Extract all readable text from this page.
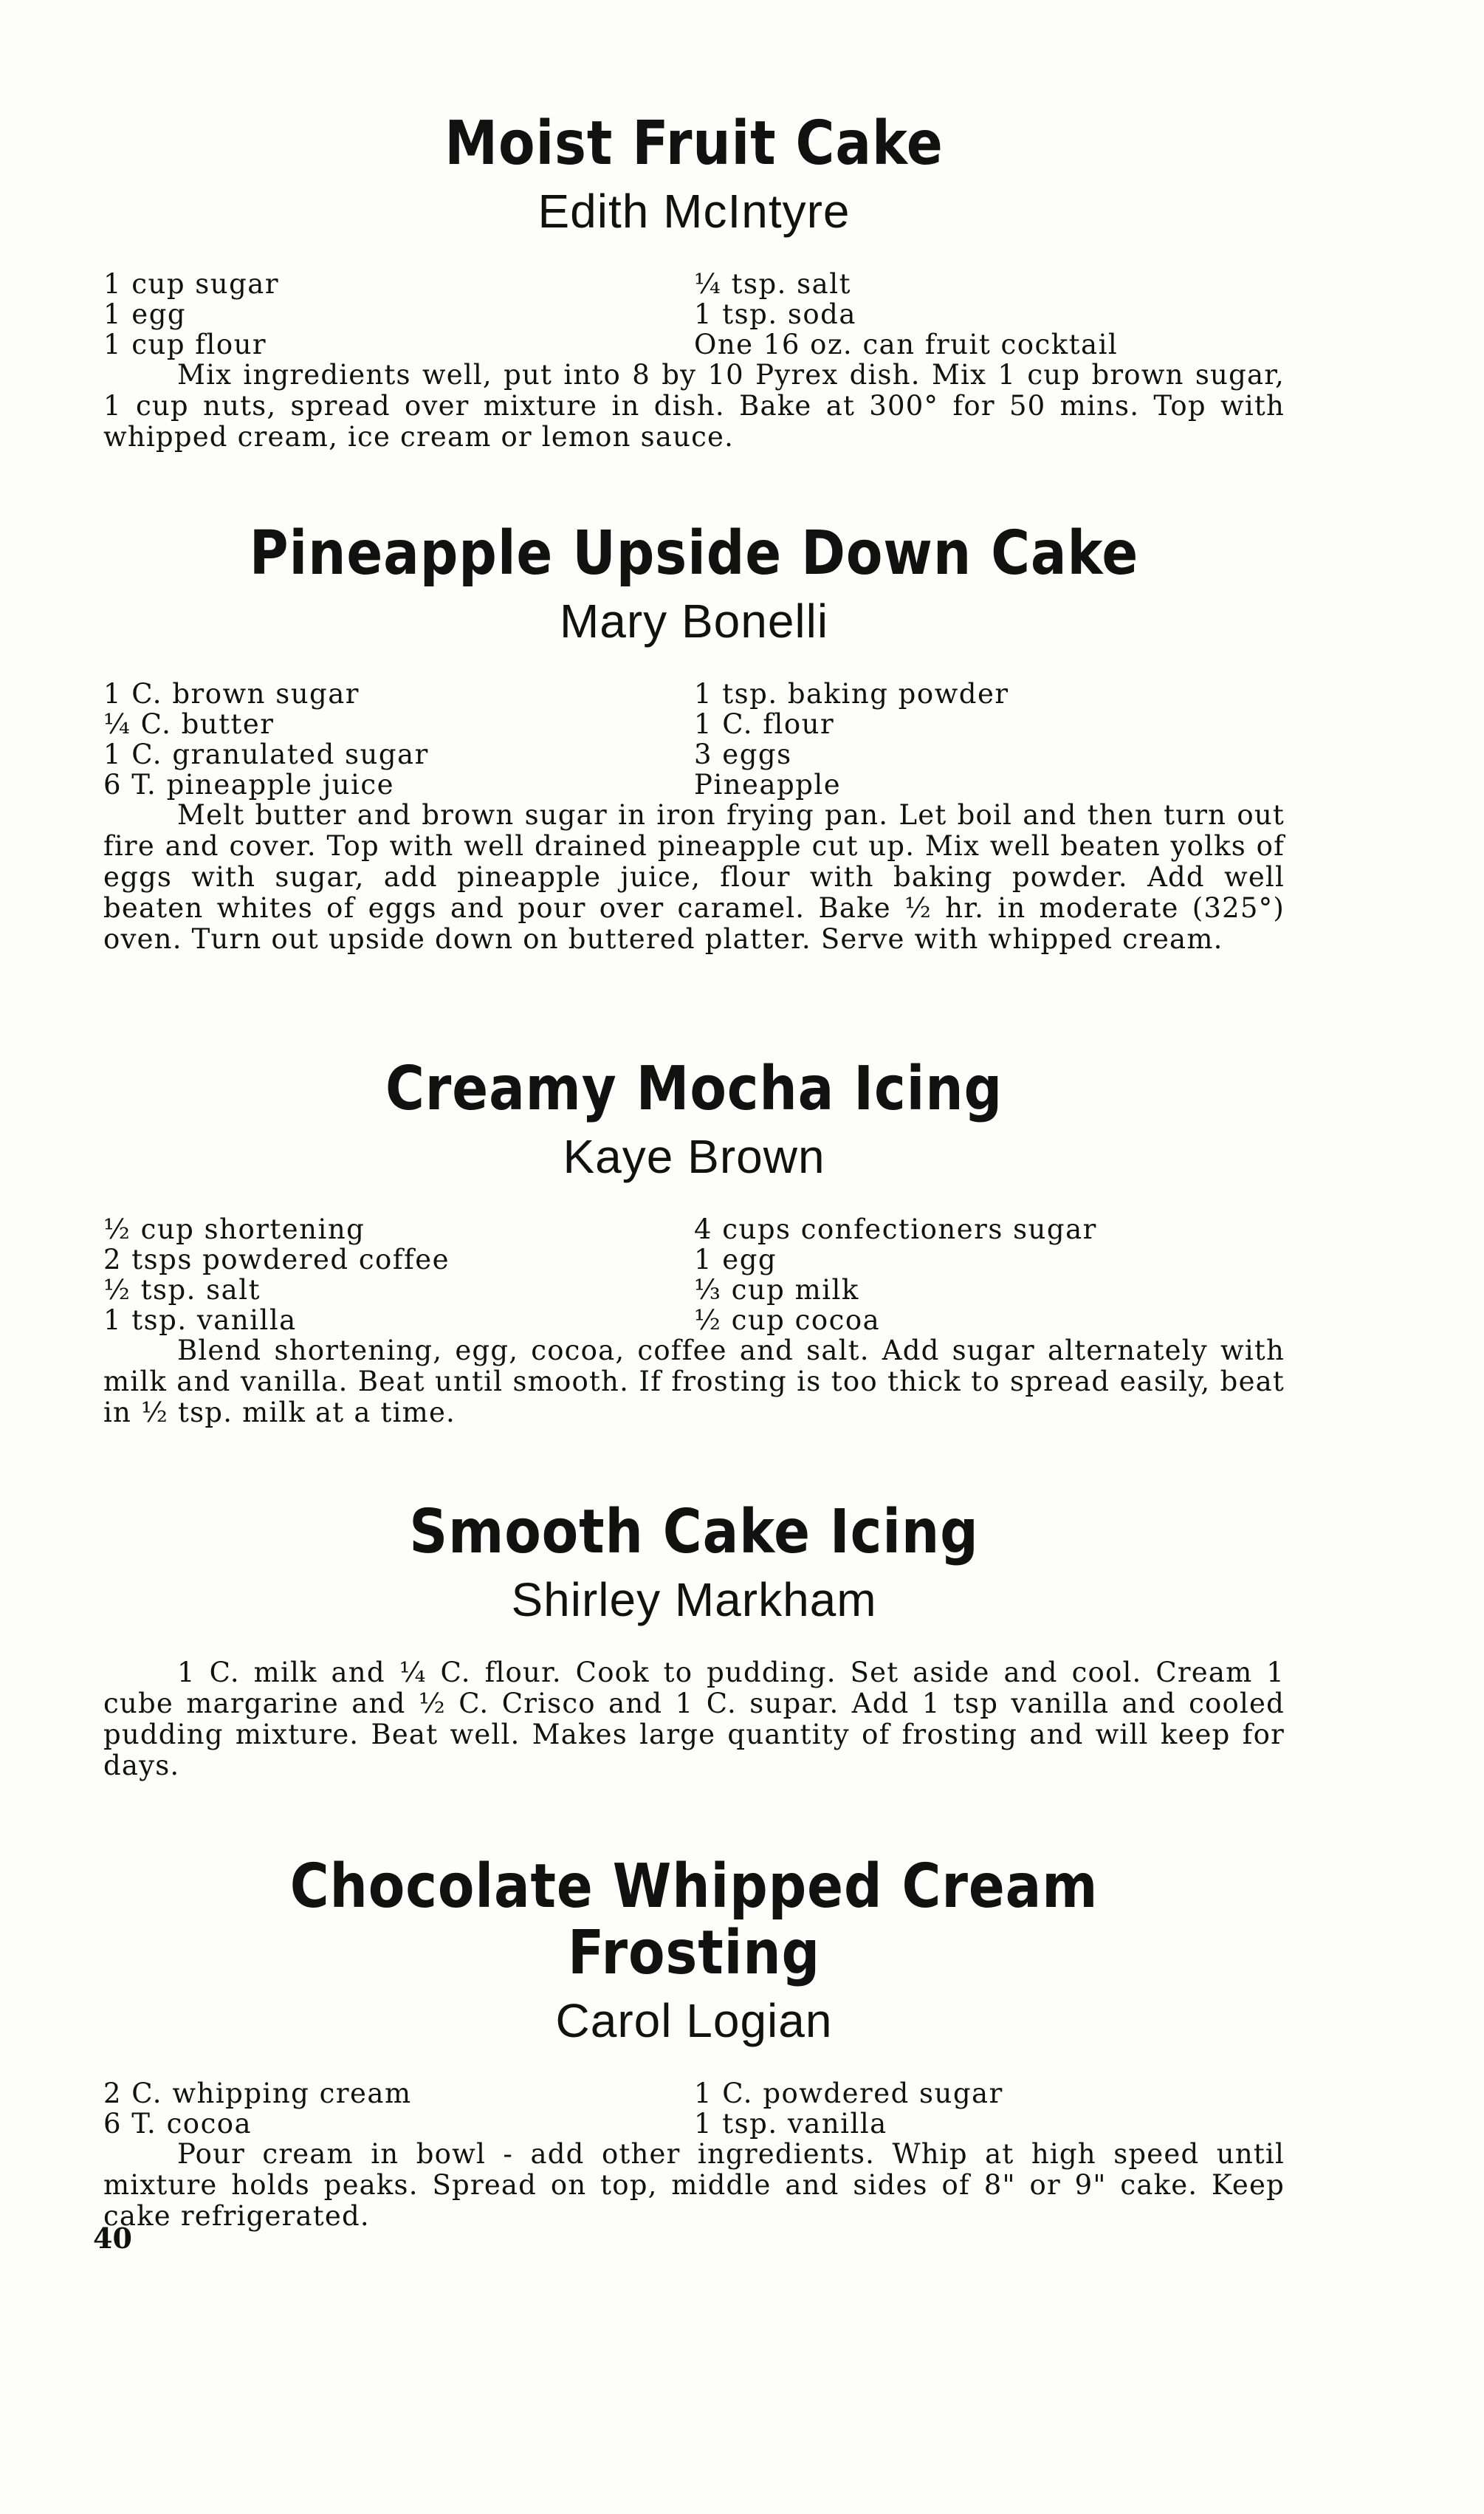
Moist Fruit Cake
Edith McIntyre
1 cup sugar
1 egg
1 cup flour
¼ tsp. salt
1 tsp. soda
One 16 oz. can fruit cocktail

Mix ingredients well, put into 8 by 10 Pyrex dish. Mix 1 cup brown sugar, 1 cup nuts, spread over mixture in dish. Bake at 300° for 50 mins. Top with whipped cream, ice cream or lemon sauce.

Pineapple Upside Down Cake
Mary Bonelli
1 C. brown sugar
¼ C. butter
1 C. granulated sugar
6 T. pineapple juice
1 tsp. baking powder
1 C. flour
3 eggs
Pineapple

Melt butter and brown sugar in iron frying pan. Let boil and then turn out fire and cover. Top with well drained pineapple cut up. Mix well beaten yolks of eggs with sugar, add pineapple juice, flour with baking powder. Add well beaten whites of eggs and pour over caramel. Bake ½ hr. in moderate (325°) oven. Turn out upside down on buttered platter. Serve with whipped cream.

Creamy Mocha Icing
Kaye Brown
½ cup shortening
2 tsps powdered coffee
½ tsp. salt
1 tsp. vanilla
4 cups confectioners sugar
1 egg
⅓ cup milk
½ cup cocoa

Blend shortening, egg, cocoa, coffee and salt. Add sugar alternately with milk and vanilla. Beat until smooth. If frosting is too thick to spread easily, beat in ½ tsp. milk at a time.

Smooth Cake Icing
Shirley Markham

1 C. milk and ¼ C. flour. Cook to pudding. Set aside and cool. Cream 1 cube margarine and ½ C. Crisco and 1 C. supar. Add 1 tsp vanilla and cooled pudding mixture. Beat well. Makes large quantity of frosting and will keep for days.

Chocolate Whipped Cream Frosting
Carol Logian
2 C. whipping cream
6 T. cocoa
1 C. powdered sugar
1 tsp. vanilla

Pour cream in bowl - add other ingredients. Whip at high speed until mixture holds peaks. Spread on top, middle and sides of 8" or 9" cake. Keep cake refrigerated.

40
